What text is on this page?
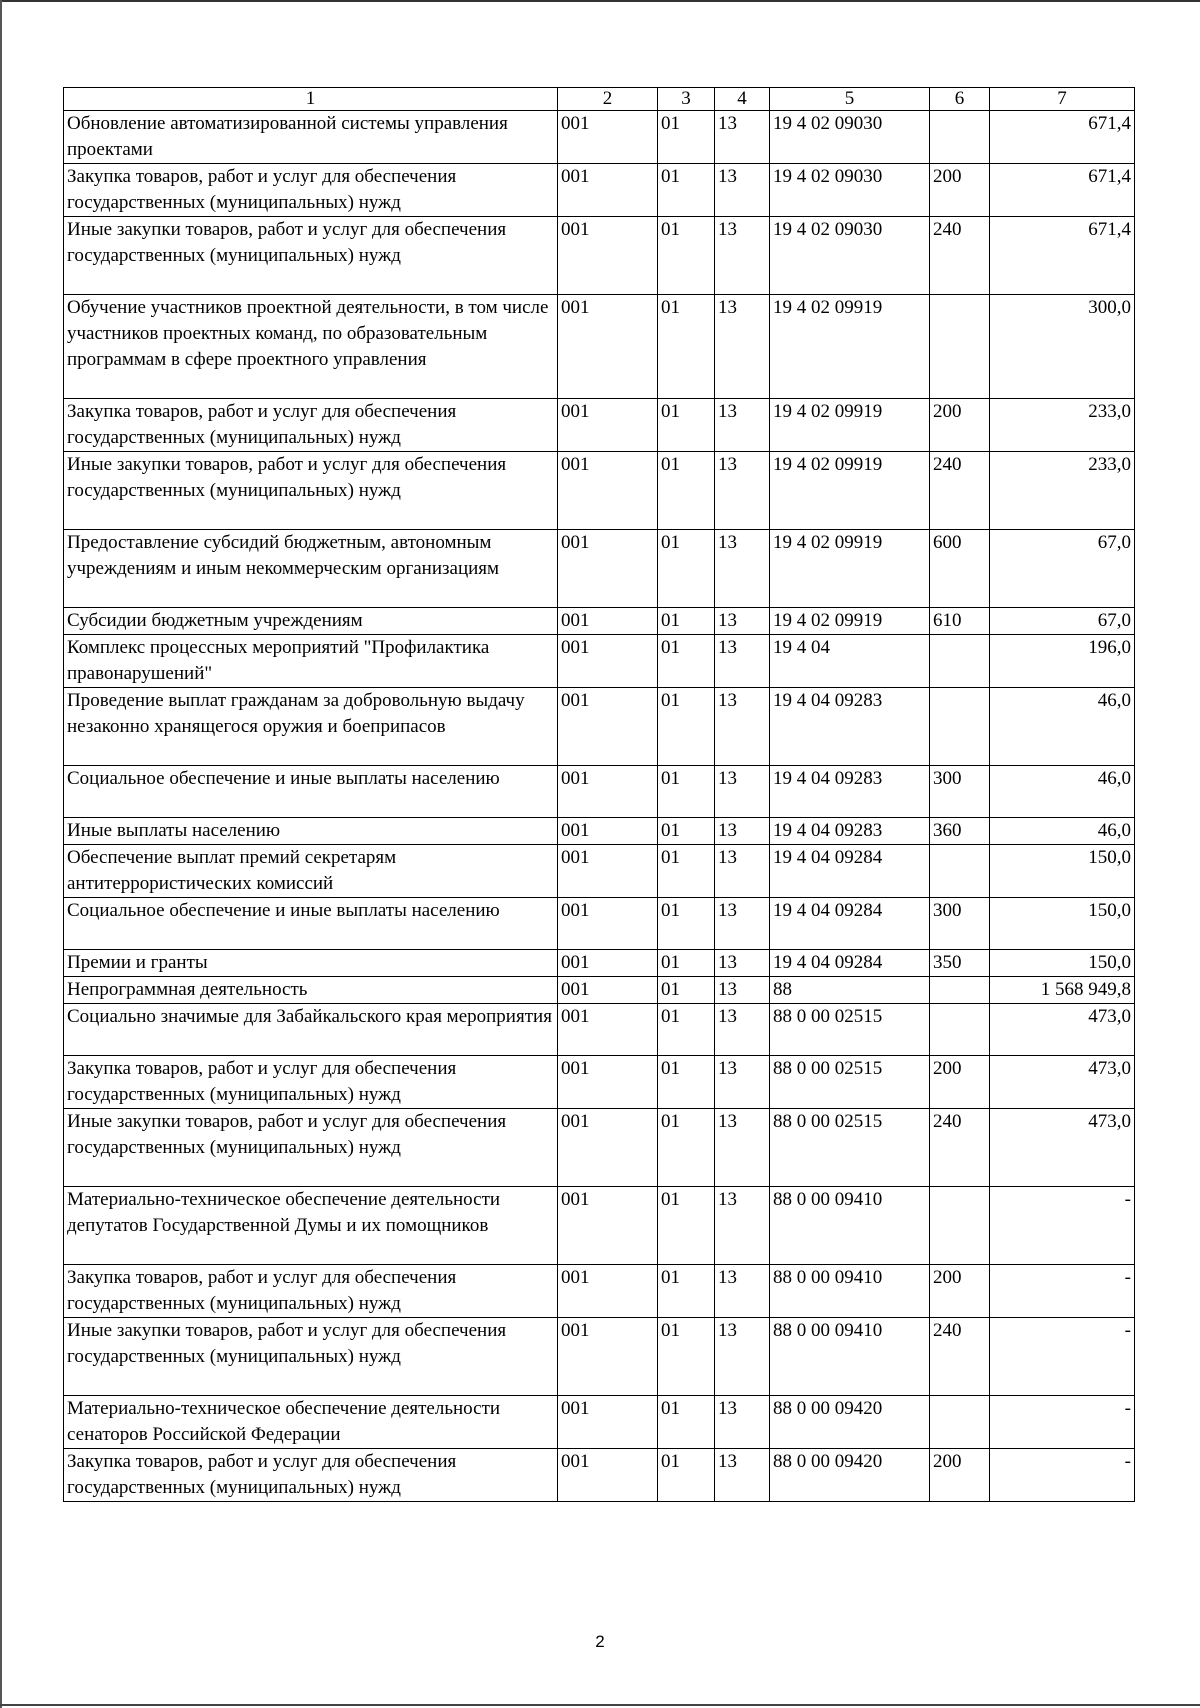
1	2	3	4	5	6	7
Обновление автоматизированной системы управления проектами	001	01	13	19 4 02 09030		671,4
Закупка товаров, работ и услуг для обеспечения государственных (муниципальных) нужд	001	01	13	19 4 02 09030	200	671,4
Иные закупки товаров, работ и услуг для обеспечения государственных (муниципальных) нужд	001	01	13	19 4 02 09030	240	671,4
Обучение участников проектной деятельности, в том числе участников проектных команд, по образовательным программам в сфере проектного управления	001	01	13	19 4 02 09919		300,0
Закупка товаров, работ и услуг для обеспечения государственных (муниципальных) нужд	001	01	13	19 4 02 09919	200	233,0
Иные закупки товаров, работ и услуг для обеспечения государственных (муниципальных) нужд	001	01	13	19 4 02 09919	240	233,0
Предоставление субсидий бюджетным, автономным учреждениям и иным некоммерческим организациям	001	01	13	19 4 02 09919	600	67,0
Субсидии бюджетным учреждениям	001	01	13	19 4 02 09919	610	67,0
Комплекс процессных мероприятий "Профилактика правонарушений"	001	01	13	19 4 04		196,0
Проведение выплат гражданам за добровольную выдачу незаконно хранящегося оружия и боеприпасов	001	01	13	19 4 04 09283		46,0
Социальное обеспечение и иные выплаты населению	001	01	13	19 4 04 09283	300	46,0
Иные выплаты населению	001	01	13	19 4 04 09283	360	46,0
Обеспечение выплат премий секретарям антитеррористических комиссий	001	01	13	19 4 04 09284		150,0
Социальное обеспечение и иные выплаты населению	001	01	13	19 4 04 09284	300	150,0
Премии и гранты	001	01	13	19 4 04 09284	350	150,0
Непрограммная деятельность	001	01	13	88		1 568 949,8
Социально значимые для Забайкальского края мероприятия	001	01	13	88 0 00 02515		473,0
Закупка товаров, работ и услуг для обеспечения государственных (муниципальных) нужд	001	01	13	88 0 00 02515	200	473,0
Иные закупки товаров, работ и услуг для обеспечения государственных (муниципальных) нужд	001	01	13	88 0 00 02515	240	473,0
Материально-техническое обеспечение деятельности депутатов Государственной Думы и их помощников	001	01	13	88 0 00 09410		-
Закупка товаров, работ и услуг для обеспечения государственных (муниципальных) нужд	001	01	13	88 0 00 09410	200	-
Иные закупки товаров, работ и услуг для обеспечения государственных (муниципальных) нужд	001	01	13	88 0 00 09410	240	-
Материально-техническое обеспечение деятельности сенаторов Российской Федерации	001	01	13	88 0 00 09420		-
Закупка товаров, работ и услуг для обеспечения государственных (муниципальных) нужд	001	01	13	88 0 00 09420	200	-
2
